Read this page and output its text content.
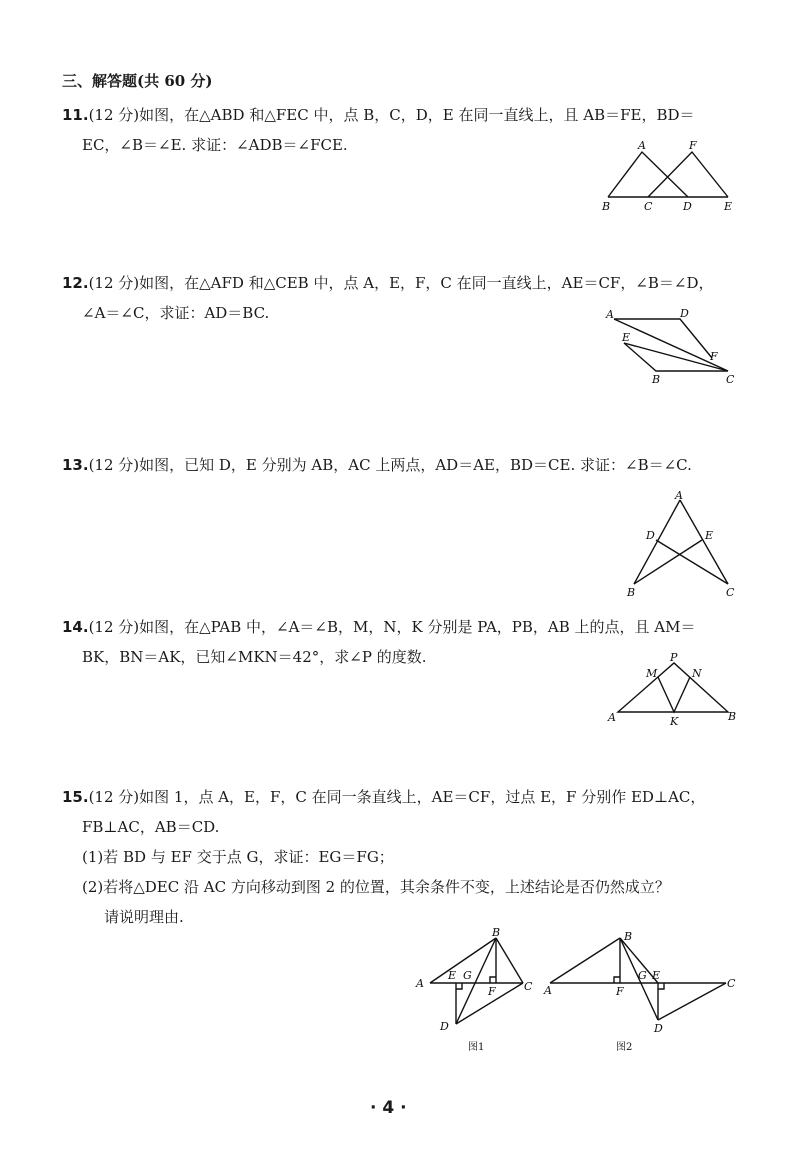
三、解答题(共 60 分)
11.(12 分)如图，在△ABD 和△FEC 中，点 B，C，D，E 在同一直线上，且 AB＝FE，BD＝
EC，∠B＝∠E. 求证：∠ADB＝∠FCE.	A	F
B	C	D	E
12.(12 分)如图，在△AFD 和△CEB 中，点 A，E，F，C 在同一直线上，AE＝CF，∠B＝∠D，
∠A＝∠C，求证：AD＝BC.	A	D
E
F
B	C
13.(12 分)如图，已知 D，E 分别为 AB，AC 上两点，AD＝AE，BD＝CE. 求证：∠B＝∠C.
A
D	E
B	C
14.(12 分)如图，在△PAB 中，∠A＝∠B，M，N，K 分别是 PA，PB，AB 上的点，且 AM＝
BK，BN＝AK，已知∠MKN＝42°，求∠P 的度数.	P
M	N
A	K	B
15.(12 分)如图 1，点 A，E，F，C 在同一条直线上，AE＝CF，过点 E，F 分别作 ED⊥AC，
FB⊥AC，AB＝CD.
(1)若 BD 与 EF 交于点 G，求证：EG＝FG；
(2)若将△DEC 沿 AC 方向移动到图 2 的位置，其余条件不变，上述结论是否仍然成立？
请说明理由.
B
A
E G
F	C
D
图1
B
A	F
G E
C
D
图2
· 4 ·
